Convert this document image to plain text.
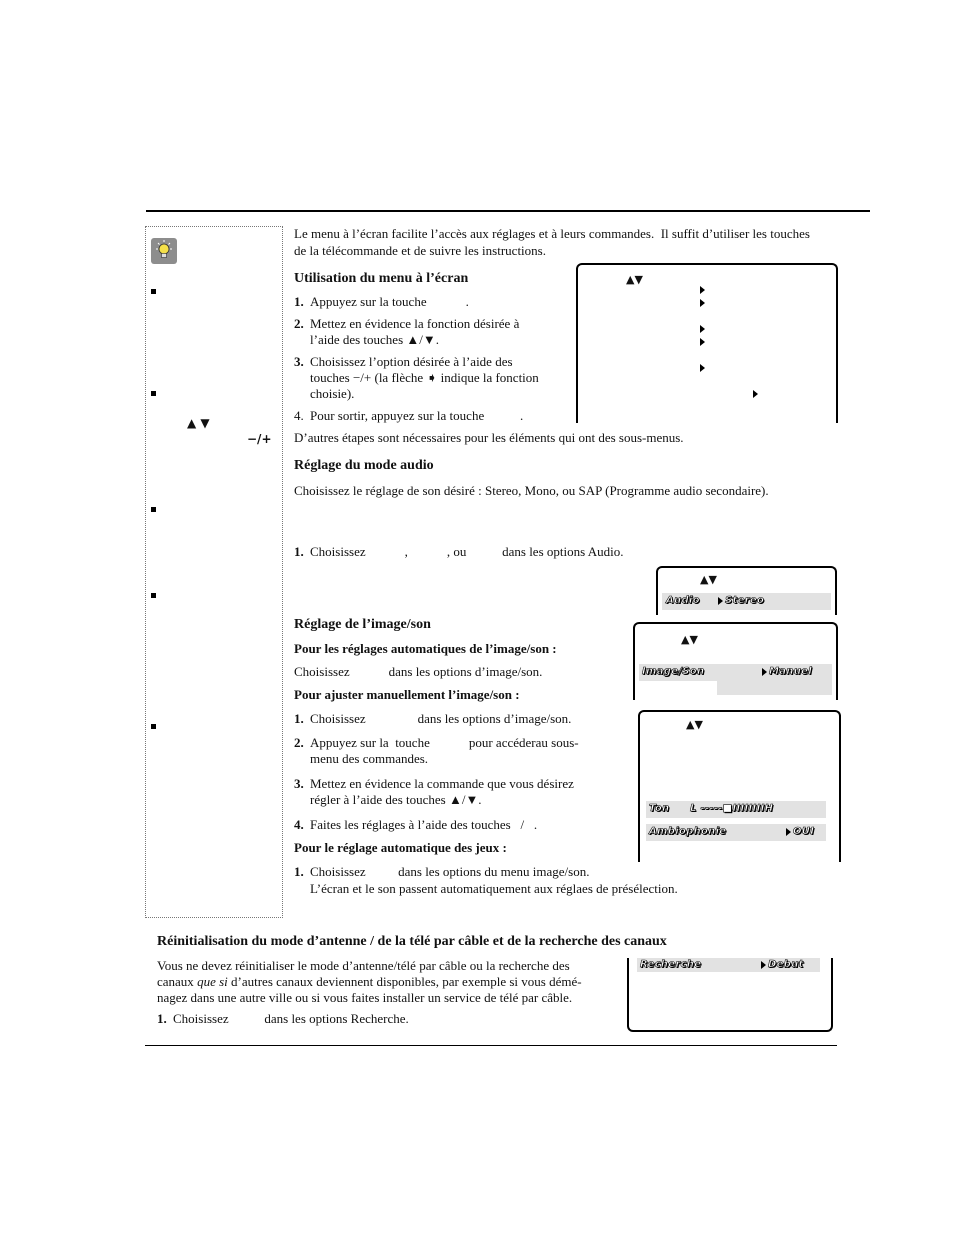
▲ ▼
−/+
Le menu à l’écran facilite l’accès aux réglages et à leurs commandes.  Il suffit d’utiliser les touches
de la télécommande et de suivre les instructions.
Utilisation du menu à l’écran
1. Appuyez sur la touche            .
2. Mettez en évidence la fonction désirée à
l’aide des touches ▲/▼.
3. Choisissez l’option désirée à l’aide des
touches −/+ (la flèche ➧ indique la fonction
choisie).
4. Pour sortir, appuyez sur la touche           .
D’autres étapes sont nécessaires pour les éléments qui ont des sous-menus.
▲▼
Réglage du mode audio
Choisissez le réglage de son désiré : Stereo, Mono, ou SAP (Programme audio secondaire).
1. Choisissez            ,            , ou           dans les options Audio.
▲▼
Audio	Stereo
Réglage de l’image/son
Pour les réglages automatiques de l’image/son :
Choisissez            dans les options d’image/son.
Pour ajuster manuellement l’image/son :
1. Choisissez                dans les options d’image/son.
2. Appuyez sur la  touche            pour accéderau sous-
menu des commandes.
3. Mettez en évidence la commande que vous désirez
régler à l’aide des touches ▲/▼.
4. Faites les réglages à l’aide des touches   /   .
Pour le réglage automatique des jeux :
1. Choisissez          dans les options du menu image/son.
L’écran et le son passent automatiquement aux réglaes de présélection.
▲▼
Image/Son	Manuel
▲▼
Ton L -----■IIIIIIIIH
Ambiophonie	OUI
Réinitialisation du mode d’antenne / de la télé par câble et de la recherche des canaux
Vous ne devez réinitialiser le mode d’antenne/télé par câble ou la recherche des
canaux que si d’autres canaux deviennent disponibles, par exemple si vous démé-
nagez dans une autre ville ou si vous faites installer un service de télé par câble.
1. Choisissez           dans les options Recherche.
Recherche	Debut
